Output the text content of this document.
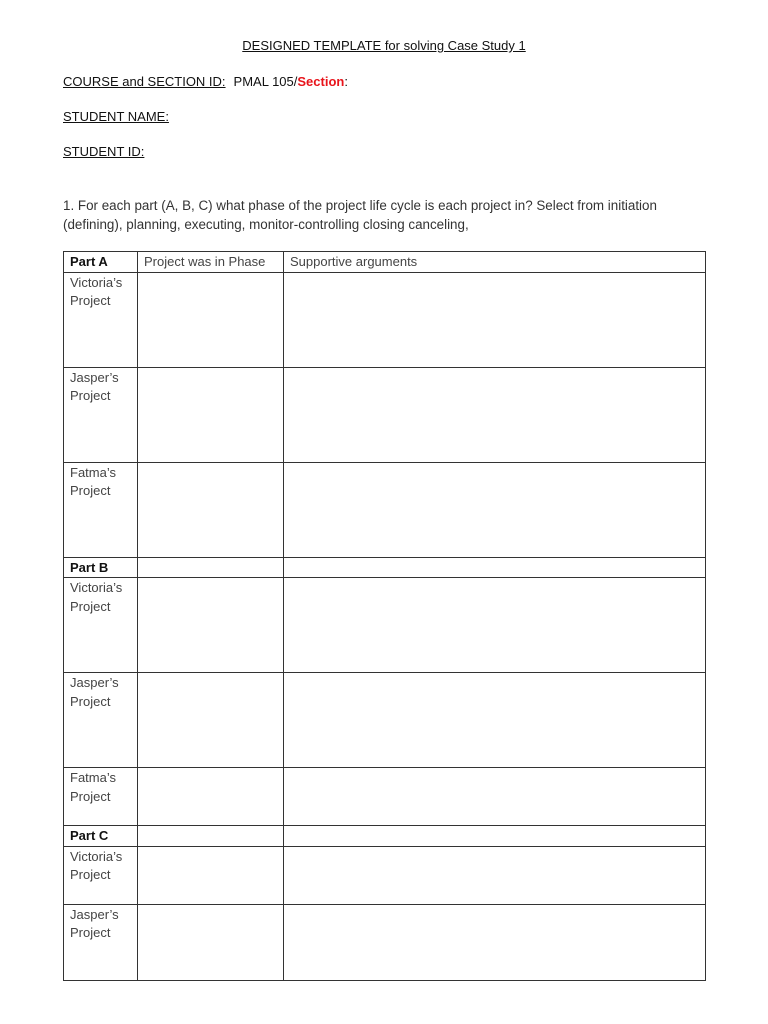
DESIGNED TEMPLATE for solving Case Study 1
COURSE and SECTION ID: PMAL 105/Section:
STUDENT NAME:
STUDENT ID:
1. For each part (A, B, C) what phase of the project life cycle is each project in? Select from initiation (defining), planning, executing, monitor-controlling closing canceling,
Part A	Project was in Phase	Supportive arguments
Victoria’s Project		
Jasper’s Project		
Fatma’s Project		
Part B		
Victoria’s Project		
Jasper’s Project		
Fatma’s Project		
Part C		
Victoria’s Project		
Jasper’s Project		
